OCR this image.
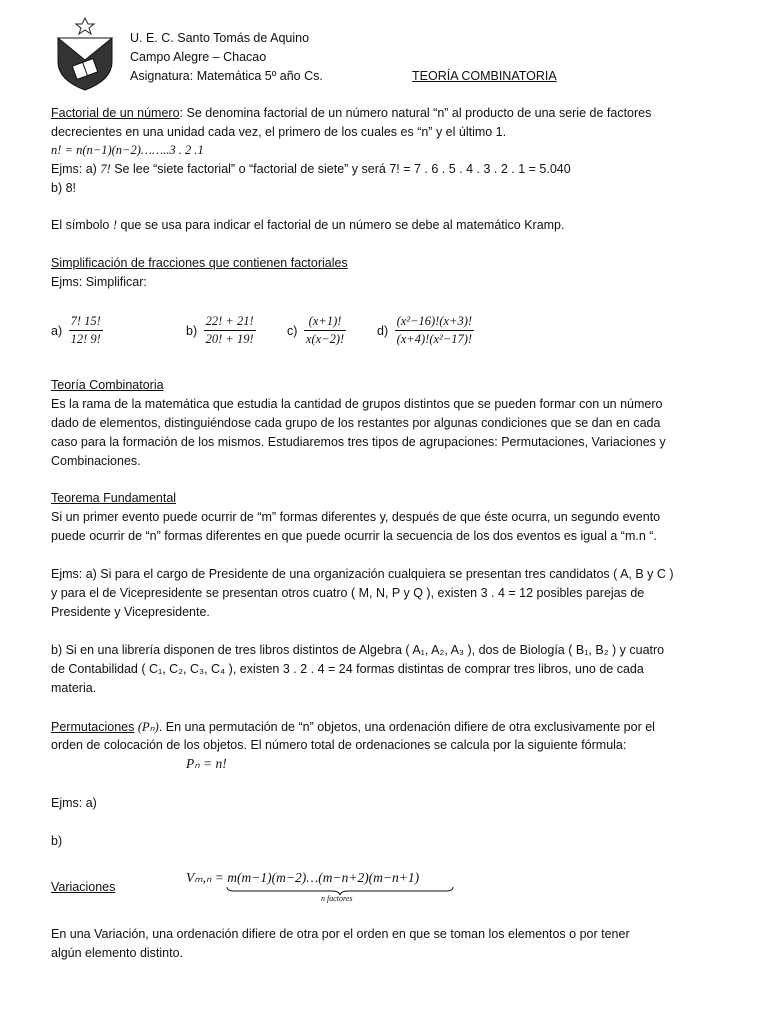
U. E. C. Santo Tomás de Aquino
Campo Alegre – Chacao
Asignatura: Matemática 5º año Cs.	TEORÍA COMBINATORIA
Factorial de un número: Se denomina factorial de un número natural “n” al producto de una serie de factores
decrecientes en una unidad cada vez, el primero de los cuales es “n” y el último 1.
n! = n(n−1)(n−2)……..3 . 2 .1
Ejms: a) 7! Se lee “siete factorial” o “factorial de siete” y será 7! = 7 . 6 . 5 . 4 . 3 . 2 . 1 = 5.040
b) 8!
El símbolo ! que se usa para indicar el factorial de un número se debe al matemático Kramp.
Simplificación de fracciones que contienen factoriales
Ejms: Simplificar:
$a) \frac{7! 15!}{12! 9!}$	$b) \frac{22! + 21!}{20! + 19!}$	$c) \frac{(x+1)!}{x(x-2)!} d) \frac{\text{(x²−16)!(x+3)!}}{\text{(x+4)!(x²−17)!}}$
Teoría Combinatoria
Es la rama de la matemática que estudia la cantidad de grupos distintos que se pueden formar con un número
dado de elementos, distinguiéndose cada grupo de los restantes por algunas condiciones que se dan en cada
caso para la formación de los mismos. Estudiaremos tres tipos de agrupaciones: Permutaciones, Variaciones y
Combinaciones.
Teorema Fundamental
Si un primer evento puede ocurrir de “m” formas diferentes y, después de que éste ocurra, un segundo evento
puede ocurrir de “n” formas diferentes en que puede ocurrir la secuencia de los dos eventos es igual a “m.n “.
Ejms: a) Si para el cargo de Presidente de una organización cualquiera se presentan tres candidatos ( A, B y C )
y para el de Vicepresidente se presentan otros cuatro ( M, N, P y Q ), existen 3 . 4 = 12 posibles parejas de
Presidente y Vicepresidente.
b) Si en una librería disponen de tres libros distintos de Algebra ( A₁, A₂, A₃ ), dos de Biología ( B₁, B₂ ) y cuatro
de Contabilidad ( C₁, C₂, C₃, C₄ ), existen 3 . 2 . 4 = 24 formas distintas de comprar tres libros, uno de cada
materia.
Permutaciones (Pₙ). En una permutación de “n” objetos, una ordenación difiere de otra exclusivamente por el
orden de colocación de los objetos. El número total de ordenaciones se calcula por la siguiente fórmula:
Pₙ = n!
Ejms: a)
b)
Variaciones
Vₘ,ₙ = m(m−1)(m−2)…(m−n+2)(m−n+1)
n factores
En una Variación, una ordenación difiere de otra por el orden en que se toman los elementos o por tener
algún elemento distinto.
